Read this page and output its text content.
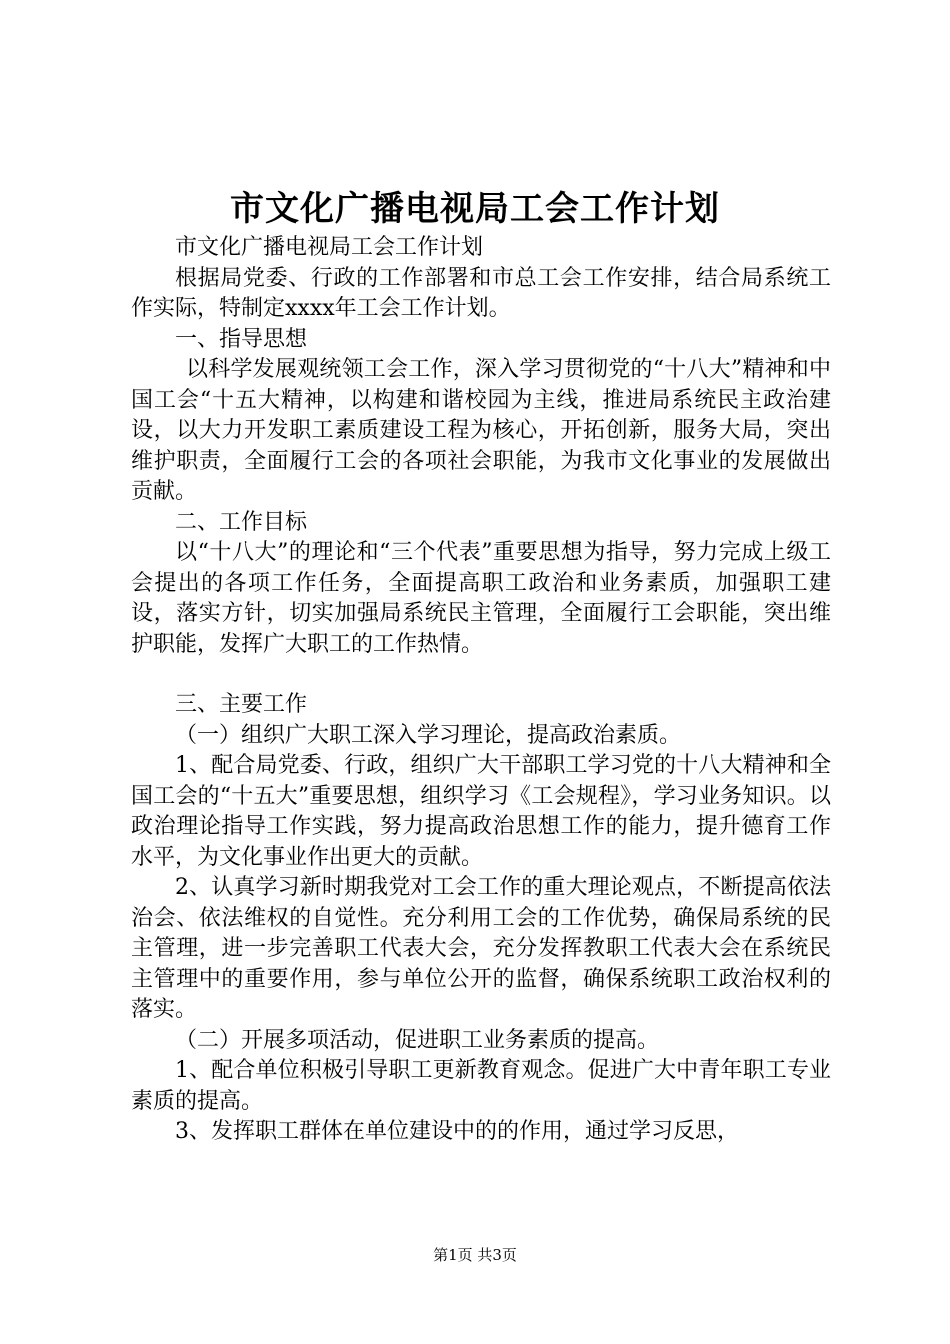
市文化广播电视局工会工作计划

市文化广播电视局工会工作计划

根据局党委、行政的工作部署和市总工会工作安排，结合局系统工作实际，特制定xxxx年工会工作计划。

一、指导思想

以科学发展观统领工会工作，深入学习贯彻党的“十八大”精神和中国工会“十五大精神，以构建和谐校园为主线，推进局系统民主政治建设，以大力开发职工素质建设工程为核心，开拓创新，服务大局，突出维护职责，全面履行工会的各项社会职能，为我市文化事业的发展做出贡献。

二、工作目标

以“十八大”的理论和“三个代表”重要思想为指导，努力完成上级工会提出的各项工作任务，全面提高职工政治和业务素质，加强职工建设，落实方针，切实加强局系统民主管理，全面履行工会职能，突出维护职能，发挥广大职工的工作热情。

三、主要工作

（一）组织广大职工深入学习理论，提高政治素质。

1、配合局党委、行政，组织广大干部职工学习党的十八大精神和全国工会的“十五大”重要思想，组织学习《工会规程》，学习业务知识。以政治理论指导工作实践，努力提高政治思想工作的能力，提升德育工作水平，为文化事业作出更大的贡献。

2、认真学习新时期我党对工会工作的重大理论观点，不断提高依法治会、依法维权的自觉性。充分利用工会的工作优势，确保局系统的民主管理，进一步完善职工代表大会，充分发挥教职工代表大会在系统民主管理中的重要作用，参与单位公开的监督，确保系统职工政治权利的落实。

（二）开展多项活动，促进职工业务素质的提高。

1、配合单位积极引导职工更新教育观念。促进广大中青年职工专业素质的提高。

3、发挥职工群体在单位建设中的的作用，通过学习反思，

第1页 共3页
